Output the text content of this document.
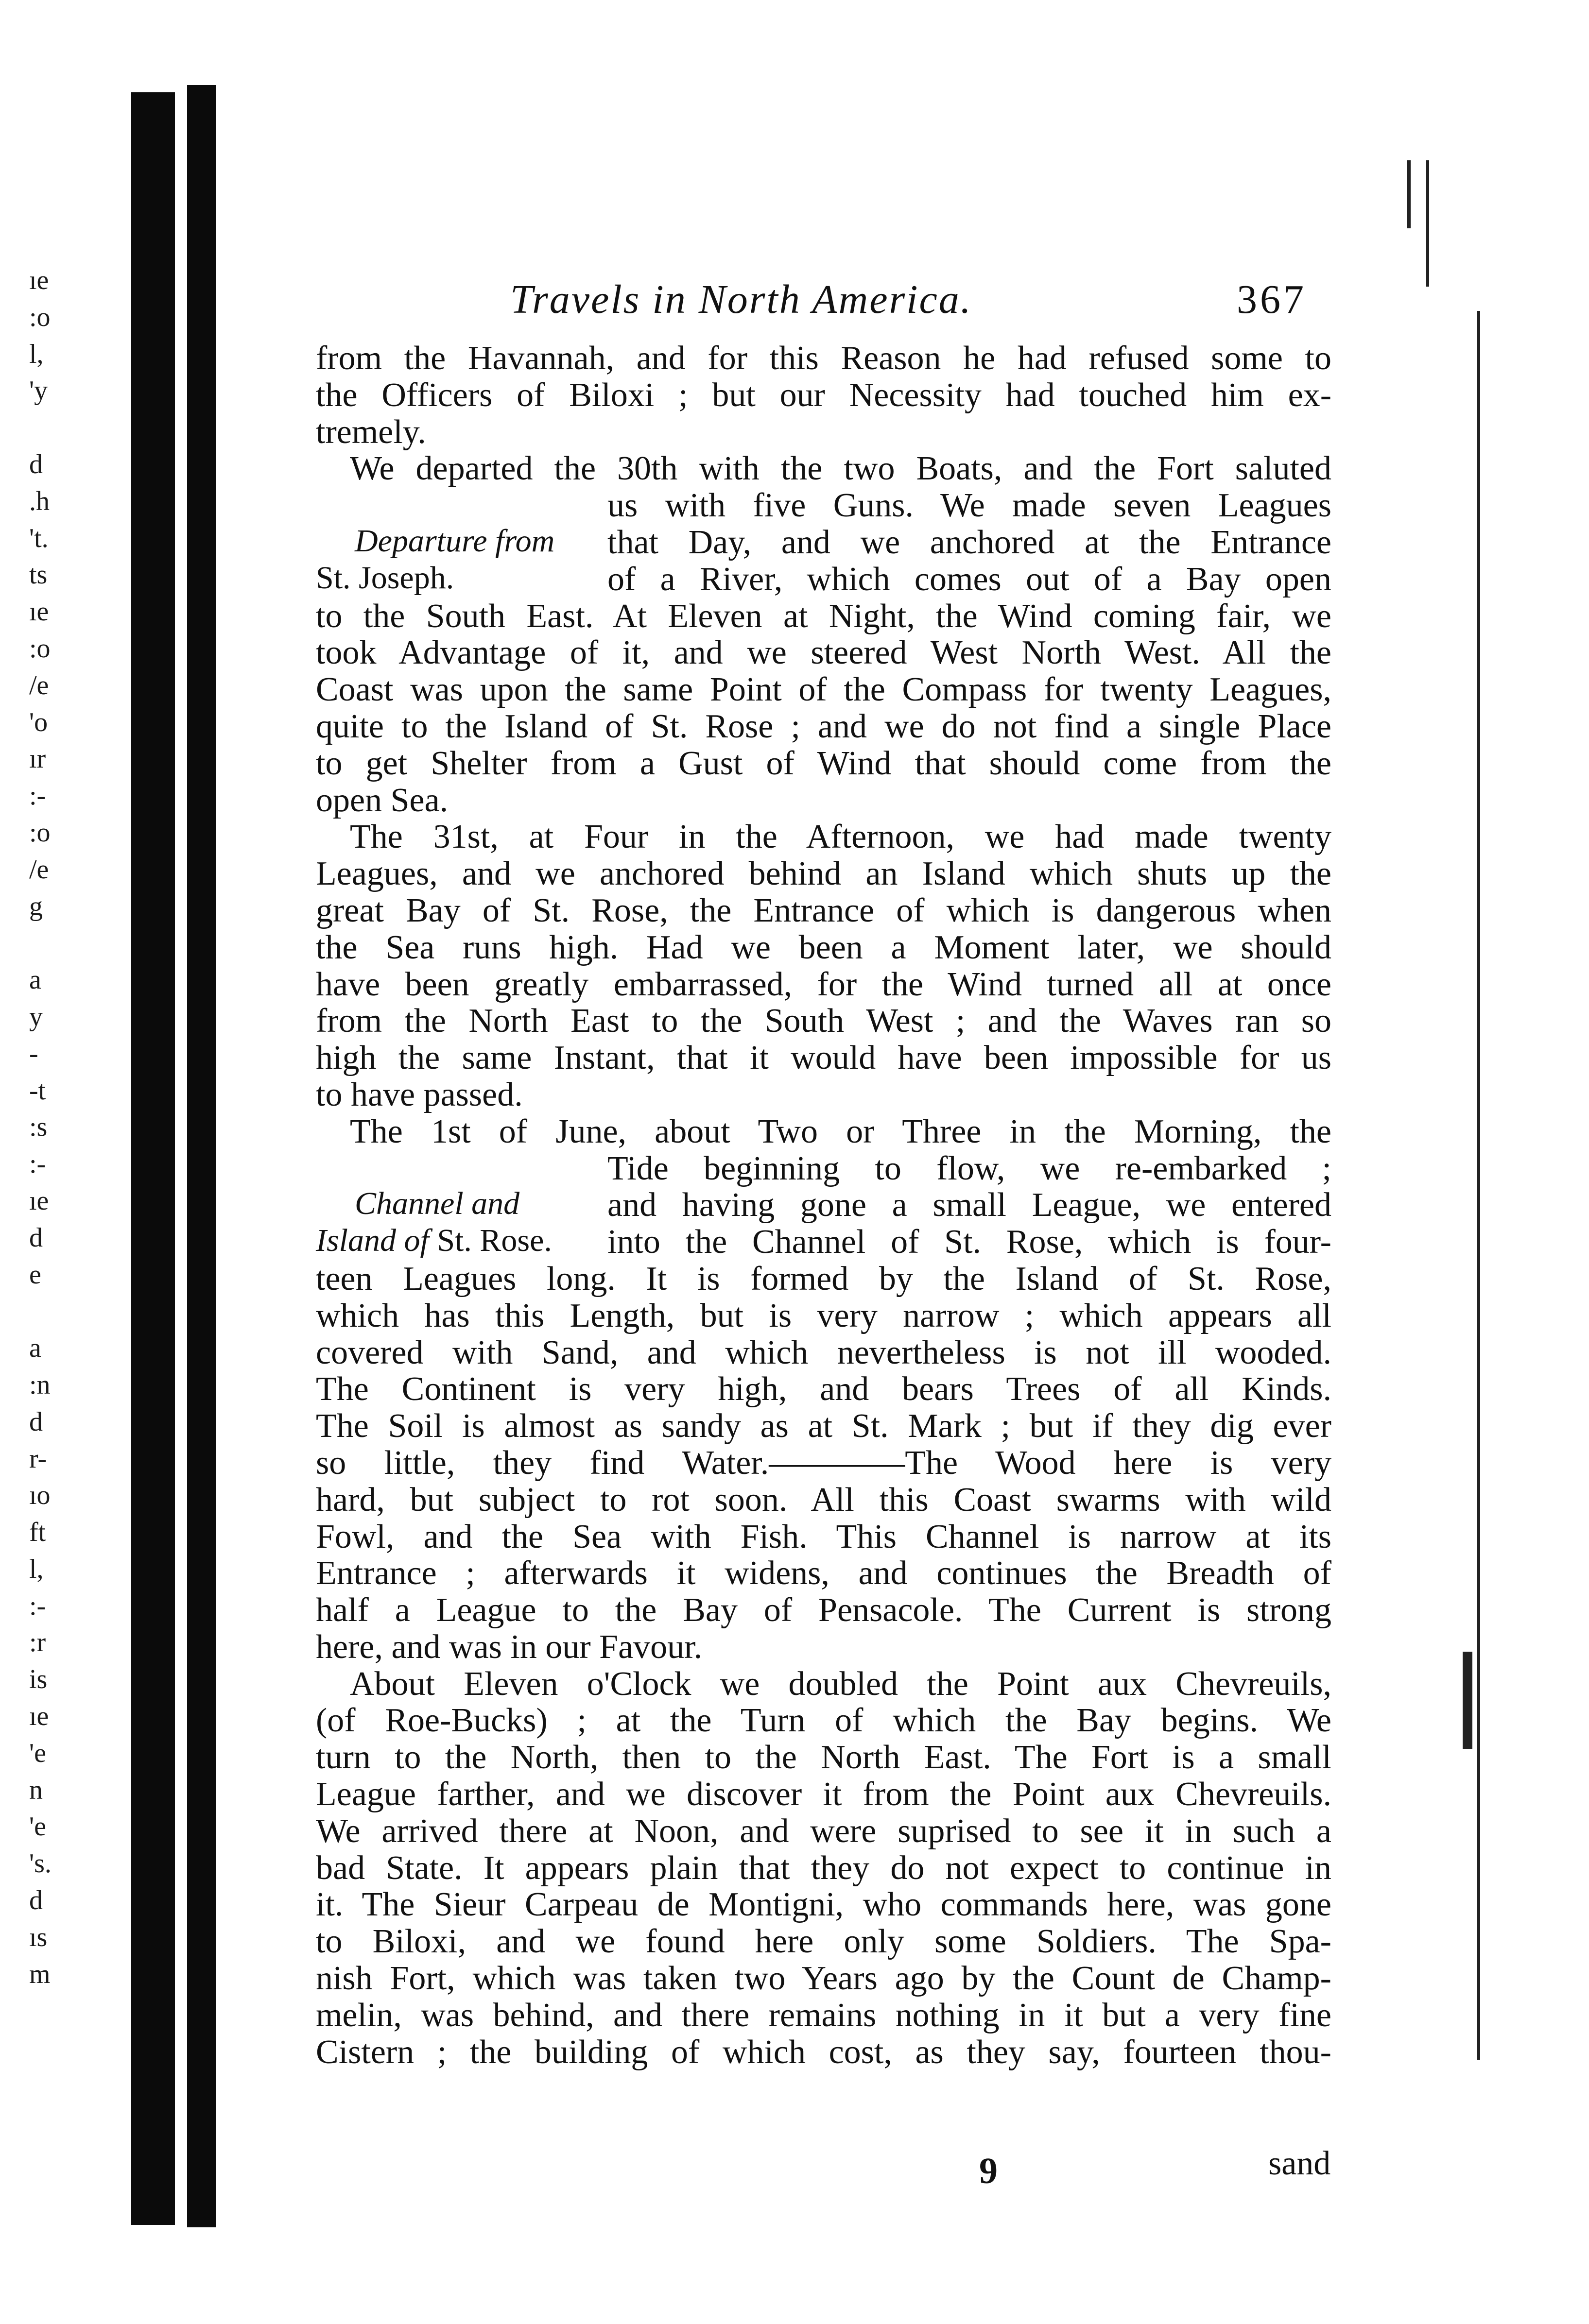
ıe
:o
l,
'y
d
.h
't.
ts
ıe
:o
/e
'o
ır
:-
:o
/e
g
a
y
-
-t
:s
:-
ıe
d
e
a
:n
d
r-
ıo
ft
l,
:-
:r
is
ıe
'e
n
'e
's.
d
ıs
m
Travels in North America.	367
Departure from
St. Joseph.
Channel and
Island of St. Rose.
from the Havannah, and for this Reason he had refused some to
the Officers of Biloxi ; but our Necessity had touched him ex-
tremely.
We departed the 30th with the two Boats, and the Fort saluted
us with five Guns. We made seven Leagues
that Day, and we anchored at the Entrance
of a River, which comes out of a Bay open
to the South East. At Eleven at Night, the Wind coming fair, we
took Advantage of it, and we steered West North West. All the
Coast was upon the same Point of the Compass for twenty Leagues,
quite to the Island of St. Rose ; and we do not find a single Place
to get Shelter from a Gust of Wind that should come from the
open Sea.
The 31st, at Four in the Afternoon, we had made twenty
Leagues, and we anchored behind an Island which shuts up the
great Bay of St. Rose, the Entrance of which is dangerous when
the Sea runs high. Had we been a Moment later, we should
have been greatly embarrassed, for the Wind turned all at once
from the North East to the South West ; and the Waves ran so
high the same Instant, that it would have been impossible for us
to have passed.
The 1st of June, about Two or Three in the Morning, the
Tide beginning to flow, we re-embarked ;
and having gone a small League, we entered
into the Channel of St. Rose, which is four-
teen Leagues long. It is formed by the Island of St. Rose,
which has this Length, but is very narrow ; which appears all
covered with Sand, and which nevertheless is not ill wooded.
The Continent is very high, and bears Trees of all Kinds.
The Soil is almost as sandy as at St. Mark ; but if they dig ever
so little, they find Water.————The Wood here is very
hard, but subject to rot soon. All this Coast swarms with wild
Fowl, and the Sea with Fish. This Channel is narrow at its
Entrance ; afterwards it widens, and continues the Breadth of
half a League to the Bay of Pensacole. The Current is strong
here, and was in our Favour.
About Eleven o'Clock we doubled the Point aux Chevreuils,
(of Roe-Bucks) ; at the Turn of which the Bay begins. We
turn to the North, then to the North East. The Fort is a small
League farther, and we discover it from the Point aux Chevreuils.
We arrived there at Noon, and were suprised to see it in such a
bad State. It appears plain that they do not expect to continue in
it. The Sieur Carpeau de Montigni, who commands here, was gone
to Biloxi, and we found here only some Soldiers. The Spa-
nish Fort, which was taken two Years ago by the Count de Champ-
melin, was behind, and there remains nothing in it but a very fine
Cistern ; the building of which cost, as they say, fourteen thou-
9	sand
